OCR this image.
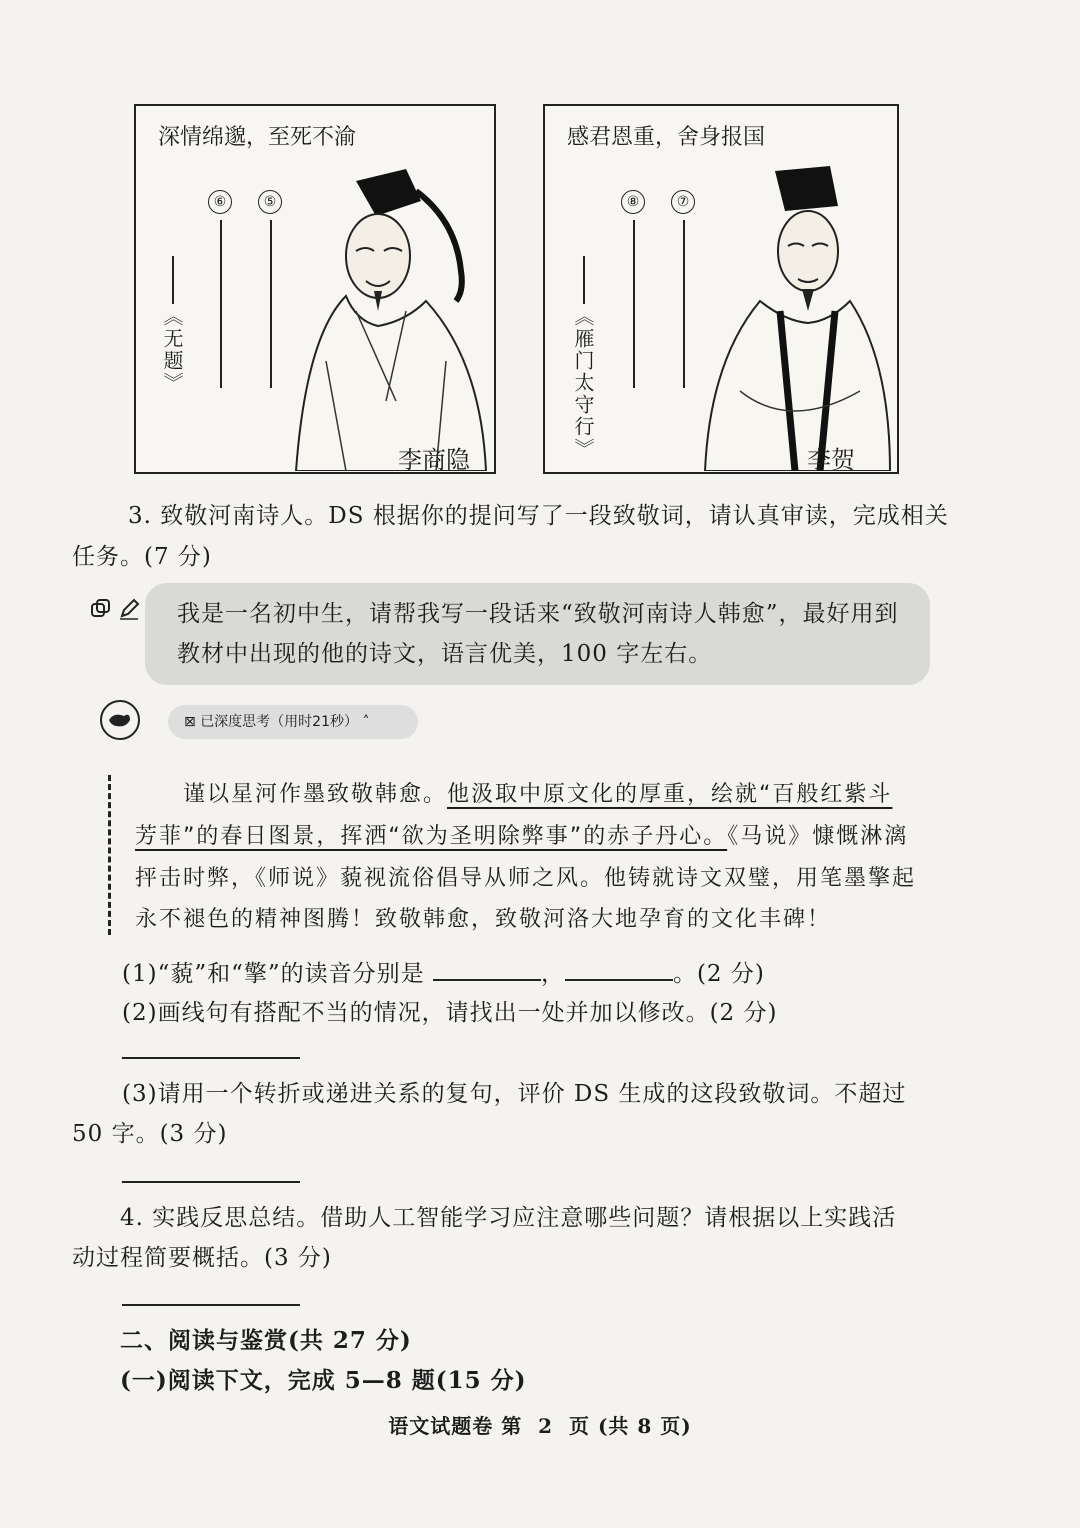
深情绵邈，至死不渝
⑥	⑤
《无题》
李商隐
感君恩重，舍身报国
⑧	⑦
《雁门太守行》	李贺
3. 致敬河南诗人。DS 根据你的提问写了一段致敬词，请认真审读，完成相关
任务。(7 分)
我是一名初中生，请帮我写一段话来“致敬河南诗人韩愈”，最好用到
教材中出现的他的诗文，语言优美，100 字左右。
⊠ 已深度思考（用时21秒） ˄
谨以星河作墨致敬韩愈。他汲取中原文化的厚重，绘就“百般红紫斗
芳菲”的春日图景，挥洒“欲为圣明除弊事”的赤子丹心。《马说》慷慨淋漓
抨击时弊，《师说》藐视流俗倡导从师之风。他铸就诗文双璧，用笔墨擎起
永不褪色的精神图腾！致敬韩愈，致敬河洛大地孕育的文化丰碑！
(1)“藐”和“擎”的读音分别是	，	。(2 分)
(2)画线句有搭配不当的情况，请找出一处并加以修改。(2 分)
(3)请用一个转折或递进关系的复句，评价 DS 生成的这段致敬词。不超过
50 字。(3 分)
4. 实践反思总结。借助人工智能学习应注意哪些问题？请根据以上实践活
动过程简要概括。(3 分)
二、阅读与鉴赏(共 27 分)
(一)阅读下文，完成 5—8 题(15 分)
语文试题卷 第  2  页 (共 8 页)
